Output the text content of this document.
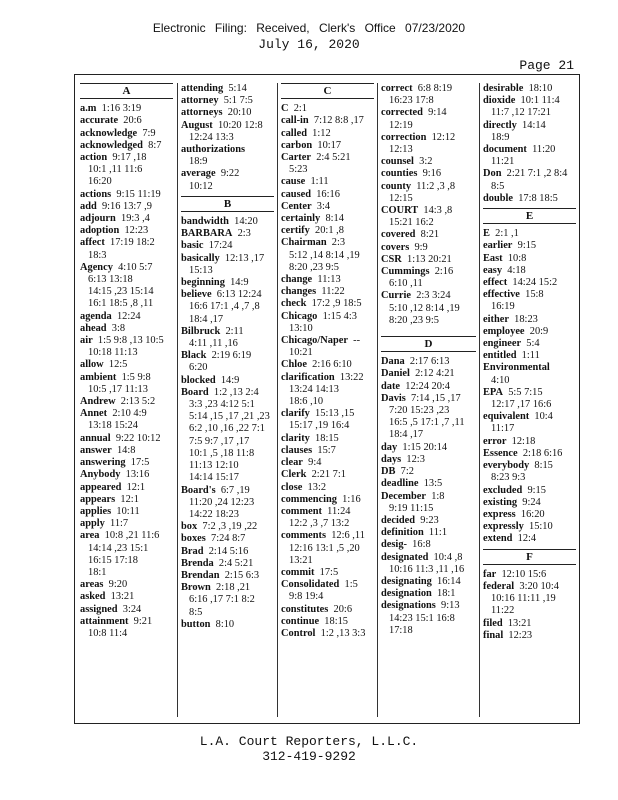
Electronic Filing: Received, Clerk's Office 07/23/2020
July 16, 2020
Page 21
A
a.m  1:16 3:19
accurate  20:6
acknowledge  7:9
acknowledged  8:7
action  9:17 ,18
10:1 ,11 11:6
16:20
actions  9:15 11:19
add  9:16 13:7 ,9
adjourn  19:3 ,4
adoption  12:23
affect  17:19 18:2
18:3
Agency  4:10 5:7
6:13 13:18
14:15 ,23 15:14
16:1 18:5 ,8 ,11
agenda  12:24
ahead  3:8
air  1:5 9:8 ,13 10:5
10:18 11:13
allow  12:5
ambient  1:5 9:8
10:5 ,17 11:13
Andrew  2:13 5:2
Annet  2:10 4:9
13:18 15:24
annual  9:22 10:12
answer  14:8
answering  17:5
Anybody  13:16
appeared  12:1
appears  12:1
applies  10:11
apply  11:7
area  10:8 ,21 11:6
14:14 ,23 15:1
16:15 17:18
18:1
areas  9:20
asked  13:21
assigned  3:24
attainment  9:21
10:8 11:4
attending  5:14
attorney  5:1 7:5
attorneys  20:10
August  10:20 12:8
12:24 13:3
authorizations
18:9
average  9:22
10:12
B
bandwidth  14:20
BARBARA  2:3
basic  17:24
basically  12:13 ,17
15:13
beginning  14:9
believe  6:13 12:24
16:6 17:1 ,4 ,7 ,8
18:4 ,17
Bilbruck  2:11
4:11 ,11 ,16
Black  2:19 6:19
6:20
blocked  14:9
Board  1:2 ,13 2:4
3:3 ,23 4:12 5:1
5:14 ,15 ,17 ,21 ,23
6:2 ,10 ,16 ,22 7:1
7:5 9:7 ,17 ,17
10:1 ,5 ,18 11:8
11:13 12:10
14:14 15:17
Board's  6:7 ,19
11:20 ,24 12:23
14:22 18:23
box  7:2 ,3 ,19 ,22
boxes  7:24 8:7
Brad  2:14 5:16
Brenda  2:4 5:21
Brendan  2:15 6:3
Brown  2:18 ,21
6:16 ,17 7:1 8:2
8:5
button  8:10
C
C  2:1
call-in  7:12 8:8 ,17
called  1:12
carbon  10:17
Carter  2:4 5:21
5:23
cause  1:11
caused  16:16
Center  3:4
certainly  8:14
certify  20:1 ,8
Chairman  2:3
5:12 ,14 8:14 ,19
8:20 ,23 9:5
change  11:13
changes  11:22
check  17:2 ,9 18:5
Chicago  1:15 4:3
13:10
Chicago/Naper  --
10:21
Chloe  2:16 6:10
clarification  13:22
13:24 14:13
18:6 ,10
clarify  15:13 ,15
15:17 ,19 16:4
clarity  18:15
clauses  15:7
clear  9:4
Clerk  2:21 7:1
close  13:2
commencing  1:16
comment  11:24
12:2 ,3 ,7 13:2
comments  12:6 ,11
12:16 13:1 ,5 ,20
13:21
commit  17:5
Consolidated  1:5
9:8 19:4
constitutes  20:6
continue  18:15
Control  1:2 ,13 3:3
correct  6:8 8:19
16:23 17:8
corrected  9:14
12:19
correction  12:12
12:13
counsel  3:2
counties  9:16
county  11:2 ,3 ,8
12:15
COURT  14:3 ,8
15:21 16:2
covered  8:21
covers  9:9
CSR  1:13 20:21
Cummings  2:16
6:10 ,11
Currie  2:3 3:24
5:10 ,12 8:14 ,19
8:20 ,23 9:5
D
Dana  2:17 6:13
Daniel  2:12 4:21
date  12:24 20:4
Davis  7:14 ,15 ,17
7:20 15:23 ,23
16:5 ,5 17:1 ,7 ,11
18:4 ,17
day  1:15 20:14
days  12:3
DB  7:2
deadline  13:5
December  1:8
9:19 11:15
decided  9:23
definition  11:1
desig-  16:8
designated  10:4 ,8
10:16 11:3 ,11 ,16
designating  16:14
designation  18:1
designations  9:13
14:23 15:1 16:8
17:18
desirable  18:10
dioxide  10:1 11:4
11:7 ,12 17:21
directly  14:14
18:9
document  11:20
11:21
Don  2:21 7:1 ,2 8:4
8:5
double  17:8 18:5
E
E  2:1 ,1
earlier  9:15
East  10:8
easy  4:18
effect  14:24 15:2
effective  15:8
16:19
either  18:23
employee  20:9
engineer  5:4
entitled  1:11
Environmental
4:10
EPA  5:5 7:15
12:17 ,17 16:6
equivalent  10:4
11:17
error  12:18
Essence  2:18 6:16
everybody  8:15
8:23 9:3
excluded  9:15
existing  9:24
express  16:20
expressly  15:10
extend  12:4
F
far  12:10 15:6
federal  3:20 10:4
10:16 11:11 ,19
11:22
filed  13:21
final  12:23
L.A. Court Reporters, L.L.C.
312-419-9292
